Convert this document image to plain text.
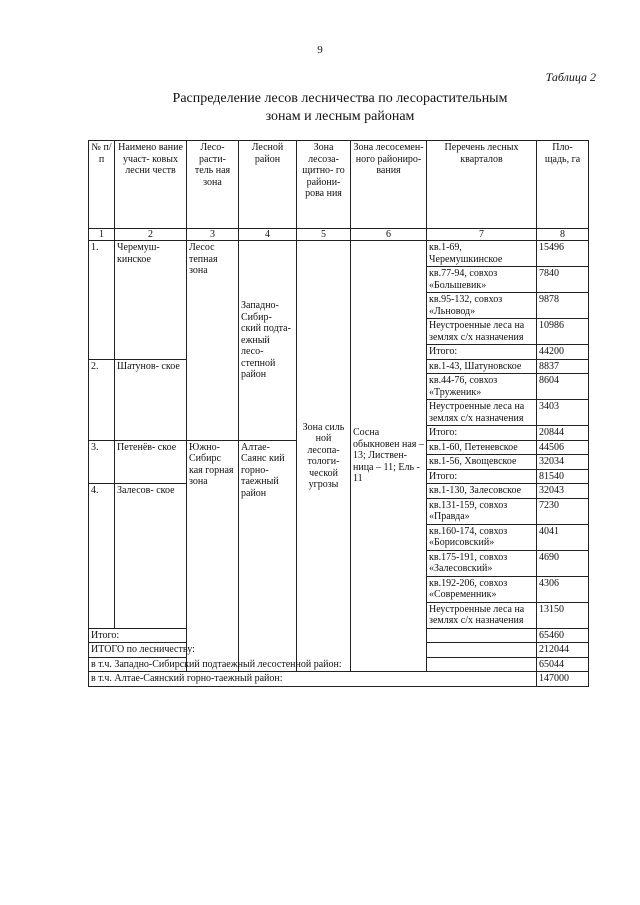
9
Таблица 2
Распределение лесов лесничества по лесорастительным
зонам и лесным районам
№ п/ п	Наимено вание участ- ковых лесни честв	Лесо- расти- тель ная зона	Лесной район	Зона лесоза- щитно- го райони- рова ния	Зона лесосемен- ного райониро- вания	Перечень лесных кварталов	Пло- щадь, га
1	2	3	4	5	6	7	8
1.	Черемуш- кинское	Лесос тепная зона	Западно- Сибир- ский подта- ежный лесо- степной район	Зона силь ной лесопа- тологи- ческой угрозы	Сосна обыкновен ная – 13; Листвен- ница – 11; Ель - 11	кв.1-69, Черемушкинское	15496
						кв.77-94, совхоз «Большевик»	7840
						кв.95-132, совхоз «Льновод»	9878
						Неустроенные леса на землях с/х назначения	10986
						Итого:	44200
2.	Шатунов- ское					кв.1-43, Шатуновское	8837
						кв.44-76, совхоз «Труженик»	8604
						Неустроенные леса на землях с/х назначения	3403
						Итого:	20844
3.	Петенёв- ское	Южно- Сибирс кая горная зона	Алтае- Саянс кий горно- таежный район			кв.1-60, Петеневское	44506
						кв.1-56, Хвощевское	32034
						Итого:	81540
4.	Залесов- ское					кв.1-130, Залесовское	32043
						кв.131-159, совхоз «Правда»	7230
						кв.160-174, совхоз «Борисовский»	4041
						кв.175-191, совхоз «Залесовский»	4690
						кв.192-206, совхоз «Современник»	4306
						Неустроенные леса на землях с/х назначения	13150
Итого:							65460
ИТОГО по лесничеству:							212044
в т.ч. Западно-Сибирский подтаежный лесостенной район:							65044
в т.ч. Алтае-Саянский горно-таежный район:							147000
